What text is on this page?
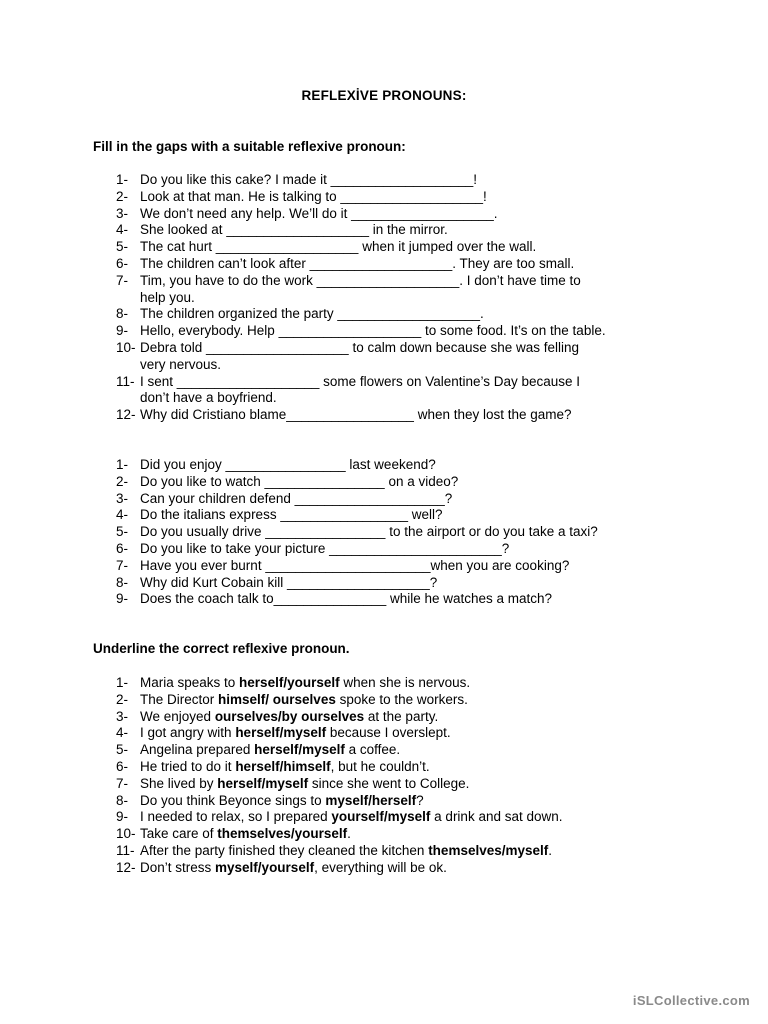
REFLEXİVE PRONOUNS:
Fill in the gaps with a suitable reflexive pronoun:
1- Do you like this cake? I made it ___________________!
2- Look at that man. He is talking to ___________________!
3- We don’t need any help. We’ll do it ___________________.
4- She looked at ___________________ in the mirror.
5- The cat hurt ___________________ when it jumped over the wall.
6- The children can’t look after ___________________. They are too small.
7- Tim, you have to do the work ___________________. I don’t have time to
help you.
8- The children organized the party ___________________.
9- Hello, everybody. Help ___________________ to some food. It’s on the table.
10- Debra told ___________________ to calm down because she was felling
very nervous.
11- I sent ___________________ some flowers on Valentine’s Day because I
don’t have a boyfriend.
12- Why did Cristiano blame_________________ when they lost the game?
1- Did you enjoy ________________ last weekend?
2- Do you like to watch ________________ on a video?
3- Can your children defend ____________________?
4- Do the italians express _________________ well?
5- Do you usually drive ________________ to the airport or do you take a taxi?
6- Do you like to take your picture _______________________?
7- Have you ever burnt ______________________when you are cooking?
8- Why did Kurt Cobain kill ___________________?
9- Does the coach talk to_______________ while he watches a match?
Underline the correct reflexive pronoun.
1- Maria speaks to herself/yourself when she is nervous.
2- The Director himself/ ourselves spoke to the workers.
3- We enjoyed ourselves/by ourselves at the party.
4- I got angry with herself/myself because I overslept.
5- Angelina prepared herself/myself a coffee.
6- He tried to do it herself/himself, but he couldn’t.
7- She lived by herself/myself since she went to College.
8- Do you think Beyonce sings to myself/herself?
9- I needed to relax, so I prepared yourself/myself a drink and sat down.
10- Take care of themselves/yourself.
11- After the party finished they cleaned the kitchen themselves/myself.
12- Don’t stress myself/yourself, everything will be ok.
iSLCollective.com
